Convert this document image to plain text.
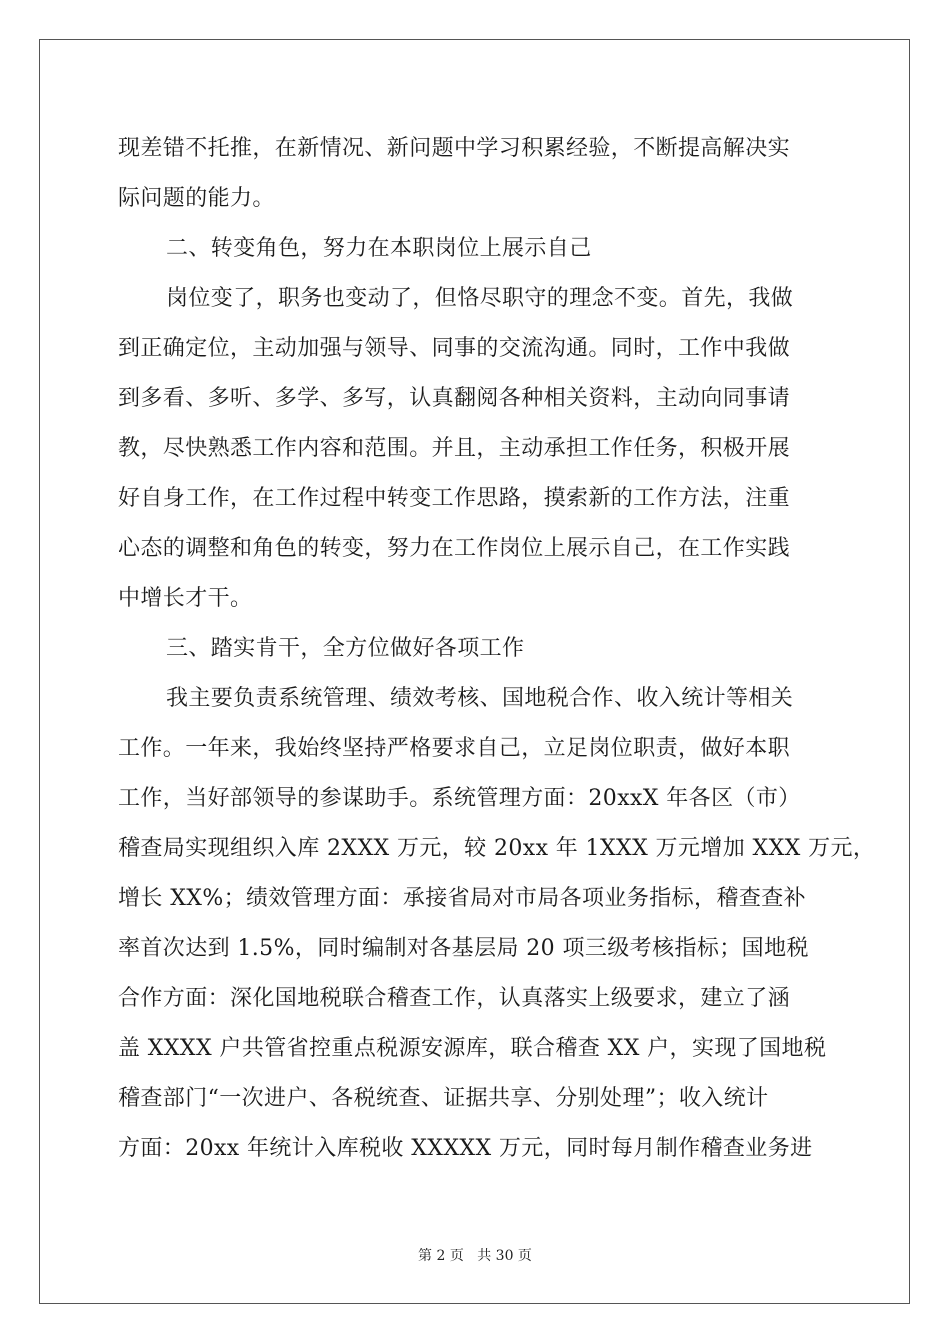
现差错不托推，在新情况、新问题中学习积累经验，不断提高解决实
际问题的能力。
二、转变角色，努力在本职岗位上展示自己
岗位变了，职务也变动了，但恪尽职守的理念不变。首先，我做
到正确定位，主动加强与领导、同事的交流沟通。同时，工作中我做
到多看、多听、多学、多写，认真翻阅各种相关资料，主动向同事请
教，尽快熟悉工作内容和范围。并且，主动承担工作任务，积极开展
好自身工作，在工作过程中转变工作思路，摸索新的工作方法，注重
心态的调整和角色的转变，努力在工作岗位上展示自己，在工作实践
中增长才干。
三、踏实肯干，全方位做好各项工作
我主要负责系统管理、绩效考核、国地税合作、收入统计等相关
工作。一年来，我始终坚持严格要求自己，立足岗位职责，做好本职
工作，当好部领导的参谋助手。系统管理方面：20xxX 年各区（市）
稽查局实现组织入库 2XXX 万元，较 20xx 年 1XXX 万元增加 XXX 万元，
增长 XX%；绩效管理方面：承接省局对市局各项业务指标，稽查查补
率首次达到 1.5%，同时编制对各基层局 20 项三级考核指标；国地税
合作方面：深化国地税联合稽查工作，认真落实上级要求，建立了涵
盖 XXXX 户共管省控重点税源安源库，联合稽查 XX 户，实现了国地税
稽查部门“一次进户、各税统查、证据共享、分别处理”；收入统计
方面：20xx 年统计入库税收 XXXXX 万元，同时每月制作稽查业务进
第 2 页 共 30 页
